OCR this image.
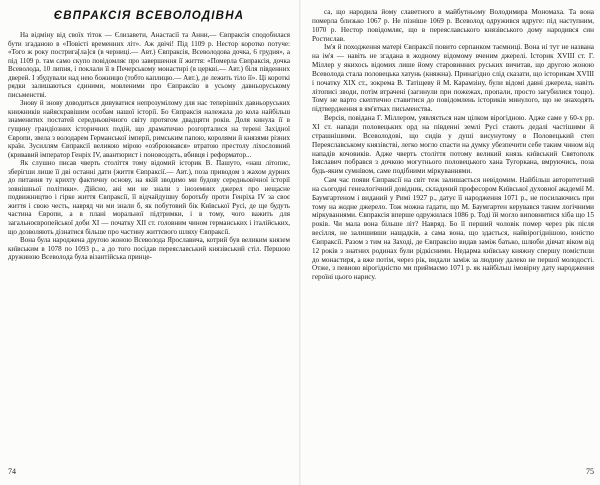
ЄВПРАКСІЯ ВСЕВОЛОДІВНА

На відміну від своїх тіток — Єлизавети, Анастасії та Анни,— Євпраксія сподобилася бути згаданою в «Повісті временних літ». Аж двічі! Під 1109 р. Нестор коротко потуче: «Того ж року пострига[ла]ся (в черниці.— Авт.) Євпраксія, Всеволодова дочка, 6 грудня», а під 1109 р. там само скупо повідомляє про завершення її життя: «Померла Євпраксія, дочка Всеволода, 10 липня, і поклали її в Печерському монастирі (в церкві.— Авт.) біля південних дверей. І збудували над нею божницю (тобто каплицю.— Авт.), де лежить тіло її». Ці короткі рядки залишаються єдиними, мовленими про Євпраксію в усьому давньоруському письменстві.

Знову й знову доводиться дивуватися непрозумілому для нас теперішніх давньоруських книжників найяскравішим особам нашої історії. Бо Євпраксія належала до кола найбільш знаменитих постатей середньовічного світу протягом двадцяти років. Доля кинула її в гущину грандіозних історичних подій, що драматично розгорталися на терені Західної Європи, звела з володарем Германської імперії, римським папою, королями й князями різних країн. Зусиллям Євпраксії великою мірою «озброювався» втратою престолу ліхословний (кривавий імператор Генріх IV, авантюрист і поновоздєть, вбивця і реформатор...

Як слушно писав чверть століття тому відомий історик В. Пашуто, «наш літопис, зберігши лише її дві останні дати (життя Євпраксії.— Авт.), поза приводом з жахом дурних до питання ту крихту фактичну основу, на якій зводимо ми будову середньовічної історії зовнішньої політики». Дійсно, ані ми не знали з іноземних джерел про нещасне подвижництво і гірке життя Євпраксії, її відчайдушну боротьбу проти Генріха IV за своє життя і свою честь, навряд чи ми знали б, як побутовий бік Київської Русі, де ще будуть частина Європи, а в плані моральної підтримки, і в тому, чого важить для загальноєвропейської доби XI — початку XII ст. головним чином германських і італійських, що дозволяють дізнатися більше про частину життєвого шляху Євпраксії.

Вона була народжена другою жоною Всеволода Ярославича, котрий був великим князем київським в 1078 по 1093 р., а до того посідав переяславський князівський стіл. Першою дружиною Всеволода була візантійська принце-

74

са, що народила йому славетного в майбутньому Володимира Мономаха. Та вона померла близько 1067 р. Не пізніше 1069 р. Всеволод одружився вдруге: під наступним, 1070 р. Нестор повідомляє, що в переяславського князівського дому народився син Ростислав.

Ім'я й походження матері Євпраксії повито серпанком таємниці. Вона ні тут не названа на ім'я — навіть не згадана в жодному відомому вченим джерелі. Історик XVIII ст. Г. Міллер у якихось відомих лише йому старовинних руських вичитав, що другою жоною Всеволода стала половецька хатунь (княжна). Принагідно слід сказати, що історикам XVIII і початку XIX ст., зокрема В. Татіщеву й М. Карамзіну, були відомі давні джерела, навіть літописі зводи, потім втрачені (загинули при пожежах, пропали, просто загубилися тощо). Тому не варто скептично ставитися до повідомлень істориків минулого, що не знаходять підтвердження в ям'ятках письменства.

Версія, повідана Г. Міллером, уявляється нам цілком вірогідною. Адже саме у 60-х рр. XI ст. напади половецьких орд на південні землі Русі стають дедалі частішими й страшнішими. Всеволодові, що сидів у душі висунутому в Половецький степ Переяславському князівстві, легко могло спасти на думку убезпечити себе таким чином від нападів кочовиків. Адже чверть століття потому великий князь київський Святополк Ізяславич побрався з дочкою могутнього половецького хана Тугоркана, вмруючись, поза будь-яким сумнівом, саме подібними міркуваннями.

Сам час появи Євпраксії на світ теж залишається невідомим. Найбільш авторитетний на сьогодні генеалогічний довідник, складений професором Київської духовної академії М. Баумгартеном і виданий у Римі 1927 р., датує її народження 1071 р., не посилаючись при тому на жодне джерело. Тож можна гадати, що М. Баумгартен керувався таким логічними міркуваннями. Євпраксія вперше одружилася 1086 р. Тоді їй могло виповнитися хіба що 15 років. Чи мала вона більше літ? Навряд. Бо її перший чоловік помер через рік після весілля, не залишивши нащадків, а сама вона, що здається, найвірогіднішою, юністю Євпраксії. Разом з тим на Заході, де Євпраксію видав заміж батько, шлюби дівчат віком від 12 років з знатних родинах були рідкісними. Недарма київську княжну спершу помістили до монастиря, а вже потім, через рік, видали заміж за людину далеко не першої молодості. Отже, з певною вірогідністю ми приймаємо 1071 р. як найбільш імовірну дату народження героїні цього нарису.

75
